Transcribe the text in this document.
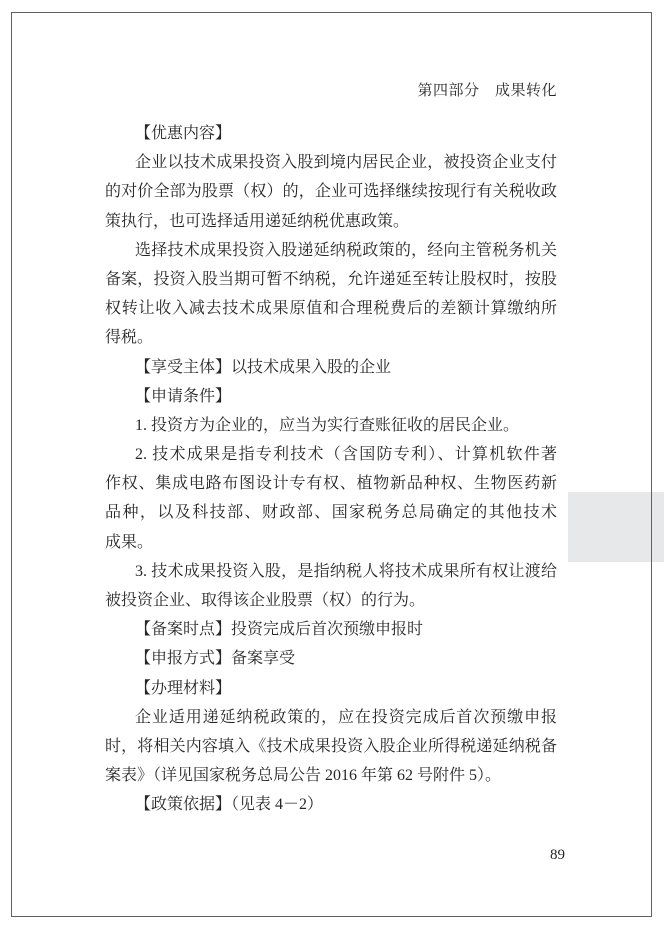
第四部分　成果转化
【优惠内容】
企业以技术成果投资入股到境内居民企业，被投资企业支付
的对价全部为股票（权）的，企业可选择继续按现行有关税收政
策执行，也可选择适用递延纳税优惠政策。
选择技术成果投资入股递延纳税政策的，经向主管税务机关
备案，投资入股当期可暂不纳税，允许递延至转让股权时，按股
权转让收入减去技术成果原值和合理税费后的差额计算缴纳所
得税。
【享受主体】以技术成果入股的企业
【申请条件】
1. 投资方为企业的，应当为实行查账征收的居民企业。
2. 技术成果是指专利技术（含国防专利）、计算机软件著
作权、集成电路布图设计专有权、植物新品种权、生物医药新
品种，以及科技部、财政部、国家税务总局确定的其他技术
成果。
3. 技术成果投资入股，是指纳税人将技术成果所有权让渡给
被投资企业、取得该企业股票（权）的行为。
【备案时点】投资完成后首次预缴申报时
【申报方式】备案享受
【办理材料】
企业适用递延纳税政策的，应在投资完成后首次预缴申报
时，将相关内容填入《技术成果投资入股企业所得税递延纳税备
案表》（详见国家税务总局公告 2016 年第 62 号附件 5）。
【政策依据】（见表 4－2）
89
